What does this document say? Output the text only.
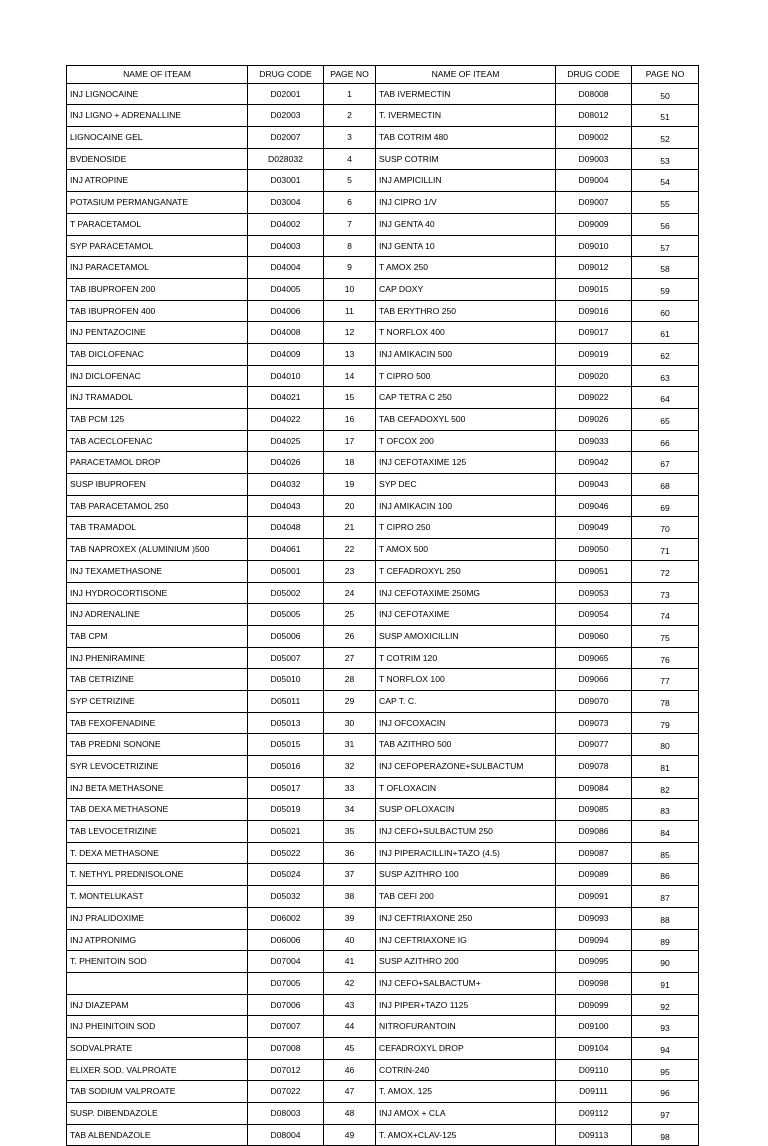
NAME OF ITEAM	DRUG CODE	PAGE NO	NAME OF ITEAM	DRUG CODE	PAGE NO
INJ LIGNOCAINE	D02001	1	TAB IVERMECTIN	D08008	50
INJ LIGNO + ADRENALLINE	D02003	2	T. IVERMECTIN	D08012	51
LIGNOCAINE GEL	D02007	3	TAB COTRIM 480	D09002	52
BVDENOSIDE	D028032	4	SUSP COTRIM	D09003	53
INJ ATROPINE	D03001	5	INJ AMPICILLIN	D09004	54
POTASIUM PERMANGANATE	D03004	6	INJ CIPRO 1/V	D09007	55
T PARACETAMOL	D04002	7	INJ GENTA 40	D09009	56
SYP PARACETAMOL	D04003	8	INJ GENTA 10	D09010	57
INJ PARACETAMOL	D04004	9	T AMOX 250	D09012	58
TAB IBUPROFEN 200	D04005	10	CAP DOXY	D09015	59
TAB IBUPROFEN 400	D04006	11	TAB ERYTHRO 250	D09016	60
INJ PENTAZOCINE	D04008	12	T NORFLOX 400	D09017	61
TAB DICLOFENAC	D04009	13	INJ AMIKACIN 500	D09019	62
INJ DICLOFENAC	D04010	14	T CIPRO 500	D09020	63
INJ TRAMADOL	D04021	15	CAP TETRA C 250	D09022	64
TAB PCM 125	D04022	16	TAB CEFADOXYL 500	D09026	65
TAB ACECLOFENAC	D04025	17	T OFCOX 200	D09033	66
PARACETAMOL DROP	D04026	18	INJ CEFOTAXIME 125	D09042	67
SUSP IBUPROFEN	D04032	19	SYP DEC	D09043	68
TAB PARACETAMOL 250	D04043	20	INJ AMIKACIN 100	D09046	69
TAB TRAMADOL	D04048	21	T CIPRO 250	D09049	70
TAB NAPROXEX (ALUMINIUM )500	D04061	22	T AMOX 500	D09050	71
INJ TEXAMETHASONE	D05001	23	T CEFADROXYL 250	D09051	72
INJ HYDROCORTISONE	D05002	24	INJ CEFOTAXIME 250MG	D09053	73
INJ ADRENALINE	D05005	25	INJ CEFOTAXIME	D09054	74
TAB CPM	D05006	26	SUSP AMOXICILLIN	D09060	75
INJ PHENIRAMINE	D05007	27	T COTRIM 120	D09065	76
TAB CETRIZINE	D05010	28	T NORFLOX 100	D09066	77
SYP CETRIZINE	D05011	29	CAP T. C.	D09070	78
TAB FEXOFENADINE	D05013	30	INJ OFCOXACIN	D09073	79
TAB PREDNI SONONE	D05015	31	TAB AZITHRO 500	D09077	80
SYR LEVOCETRIZINE	D05016	32	INJ CEFOPERAZONE+SULBACTUM	D09078	81
INJ BETA METHASONE	D05017	33	T OFLOXACIN	D09084	82
TAB DEXA METHASONE	D05019	34	SUSP OFLOXACIN	D09085	83
TAB LEVOCETRIZINE	D05021	35	INJ CEFO+SULBACTUM 250	D09086	84
T. DEXA METHASONE	D05022	36	INJ PIPERACILLIN+TAZO (4.5)	D09087	85
T. NETHYL PREDNISOLONE	D05024	37	SUSP AZITHRO 100	D09089	86
T. MONTELUKAST	D05032	38	TAB CEFI 200	D09091	87
INJ PRALIDOXIME	D06002	39	INJ CEFTRIAXONE 250	D09093	88
INJ ATPRONIMG	D06006	40	INJ CEFTRIAXONE IG	D09094	89
T. PHENITOIN SOD	D07004	41	SUSP AZITHRO 200	D09095	90
	D07005	42	INJ CEFO+SALBACTUM+	D09098	91
INJ DIAZEPAM	D07006	43	INJ PIPER+TAZO 1125	D09099	92
INJ PHEINITOIN SOD	D07007	44	NITROFURANTOIN	D09100	93
SODVALPRATE	D07008	45	CEFADROXYL DROP	D09104	94
ELIXER SOD. VALPROATE	D07012	46	COTRIN-240	D09110	95
TAB SODIUM VALPROATE	D07022	47	T. AMOX. 125	D09111	96
SUSP. DIBENDAZOLE	D08003	48	INJ AMOX + CLA	D09112	97
TAB ALBENDAZOLE	D08004	49	T. AMOX+CLAV-125	D09113	98
